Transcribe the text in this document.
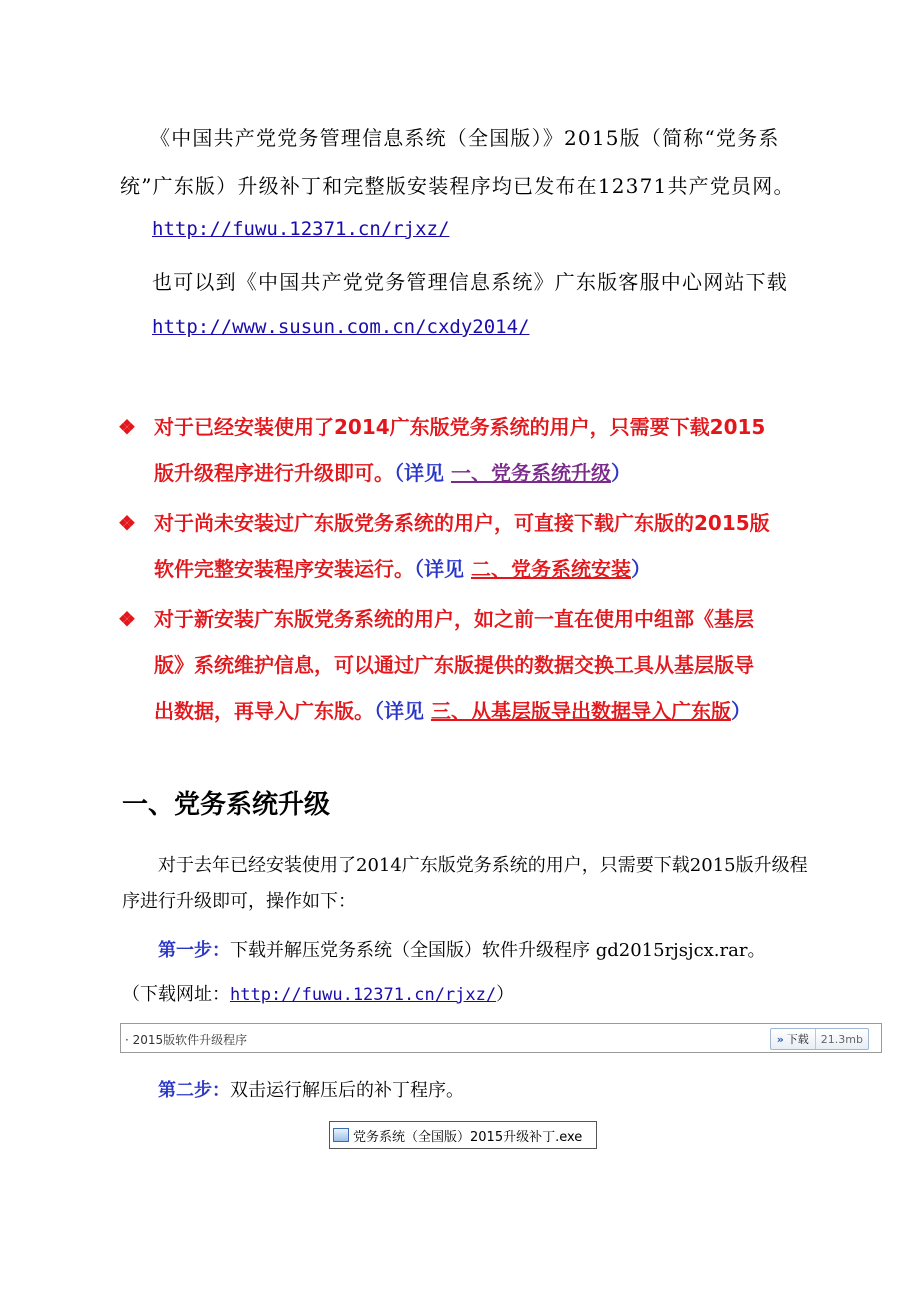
《中国共产党党务管理信息系统（全国版）》2015版（简称“党务系
统”广东版）升级补丁和完整版安装程序均已发布在12371共产党员网。
http://fuwu.12371.cn/rjxz/
也可以到《中国共产党党务管理信息系统》广东版客服中心网站下载
http://www.susun.com.cn/cxdy2014/
❖ 对于已经安装使用了2014广东版党务系统的用户，只需要下载2015
版升级程序进行升级即可。（详见 一、党务系统升级）
❖ 对于尚未安装过广东版党务系统的用户，可直接下载广东版的2015版
软件完整安装程序安装运行。（详见 二、党务系统安装）
❖ 对于新安装广东版党务系统的用户，如之前一直在使用中组部《基层
版》系统维护信息，可以通过广东版提供的数据交换工具从基层版导
出数据，再导入广东版。（详见 三、从基层版导出数据导入广东版）
一、党务系统升级
对于去年已经安装使用了2014广东版党务系统的用户，只需要下载2015版升级程序进行升级即可，操作如下：
第一步：下载并解压党务系统（全国版）软件升级程序 gd2015rjsjcx.rar。
（下载网址：http://fuwu.12371.cn/rjxz/）
· 2015版软件升级程序	» 下载	21.3mb
第二步：双击运行解压后的补丁程序。
党务系统（全国版）2015升级补丁.exe
